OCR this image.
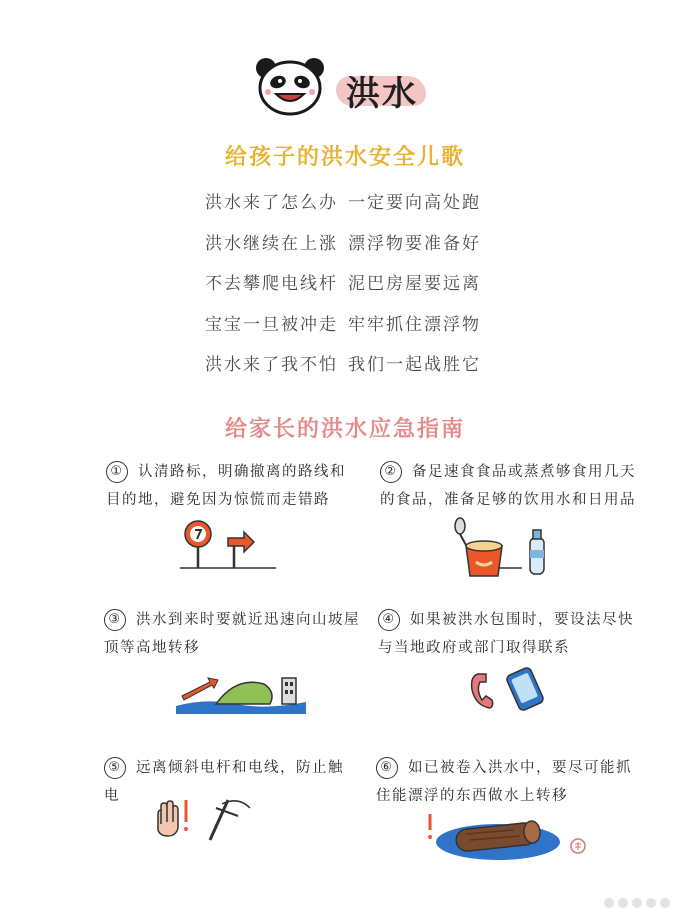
洪水
给孩子的洪水安全儿歌
洪水来了怎么办 一定要向高处跑
洪水继续在上涨 漂浮物要准备好
不去攀爬电线杆 泥巴房屋要远离
宝宝一旦被冲走 牢牢抓住漂浮物
洪水来了我不怕 我们一起战胜它
给家长的洪水应急指南
① 认清路标，明确撤离的路线和目的地，避免因为惊慌而走错路
② 备足速食食品或蒸煮够食用几天的食品，准备足够的饮用水和日用品
③ 洪水到来时要就近迅速向山坡屋顶等高地转移
④ 如果被洪水包围时，要设法尽快与当地政府或部门取得联系
⑤ 远离倾斜电杆和电线，防止触电
⑥ 如已被卷入洪水中，要尽可能抓住能漂浮的东西做水上转移
